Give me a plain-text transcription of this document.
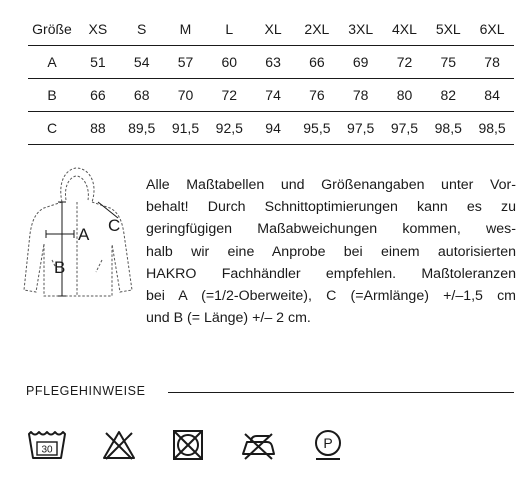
Größe	XS	S	M	L	XL	2XL	3XL	4XL	5XL	6XL
A	51	54	57	60	63	66	69	72	75	78
B	66	68	70	72	74	76	78	80	82	84
C	88	89,5	91,5	92,5	94	95,5	97,5	97,5	98,5	98,5
A
B
C
Alle Maßtabellen und Größenangaben unter Vor-
behalt! Durch Schnittoptimierungen kann es zu
geringfügigen Maßabweichungen kommen, wes-
halb wir eine Anprobe bei einem autorisierten
HAKRO Fachhändler empfehlen. Maßtoleranzen
bei A (=1/2-Oberweite), C (=Armlänge) +/–1,5 cm
und B (= Länge) +/– 2 cm.
PFLEGEHINWEISE
30	P
